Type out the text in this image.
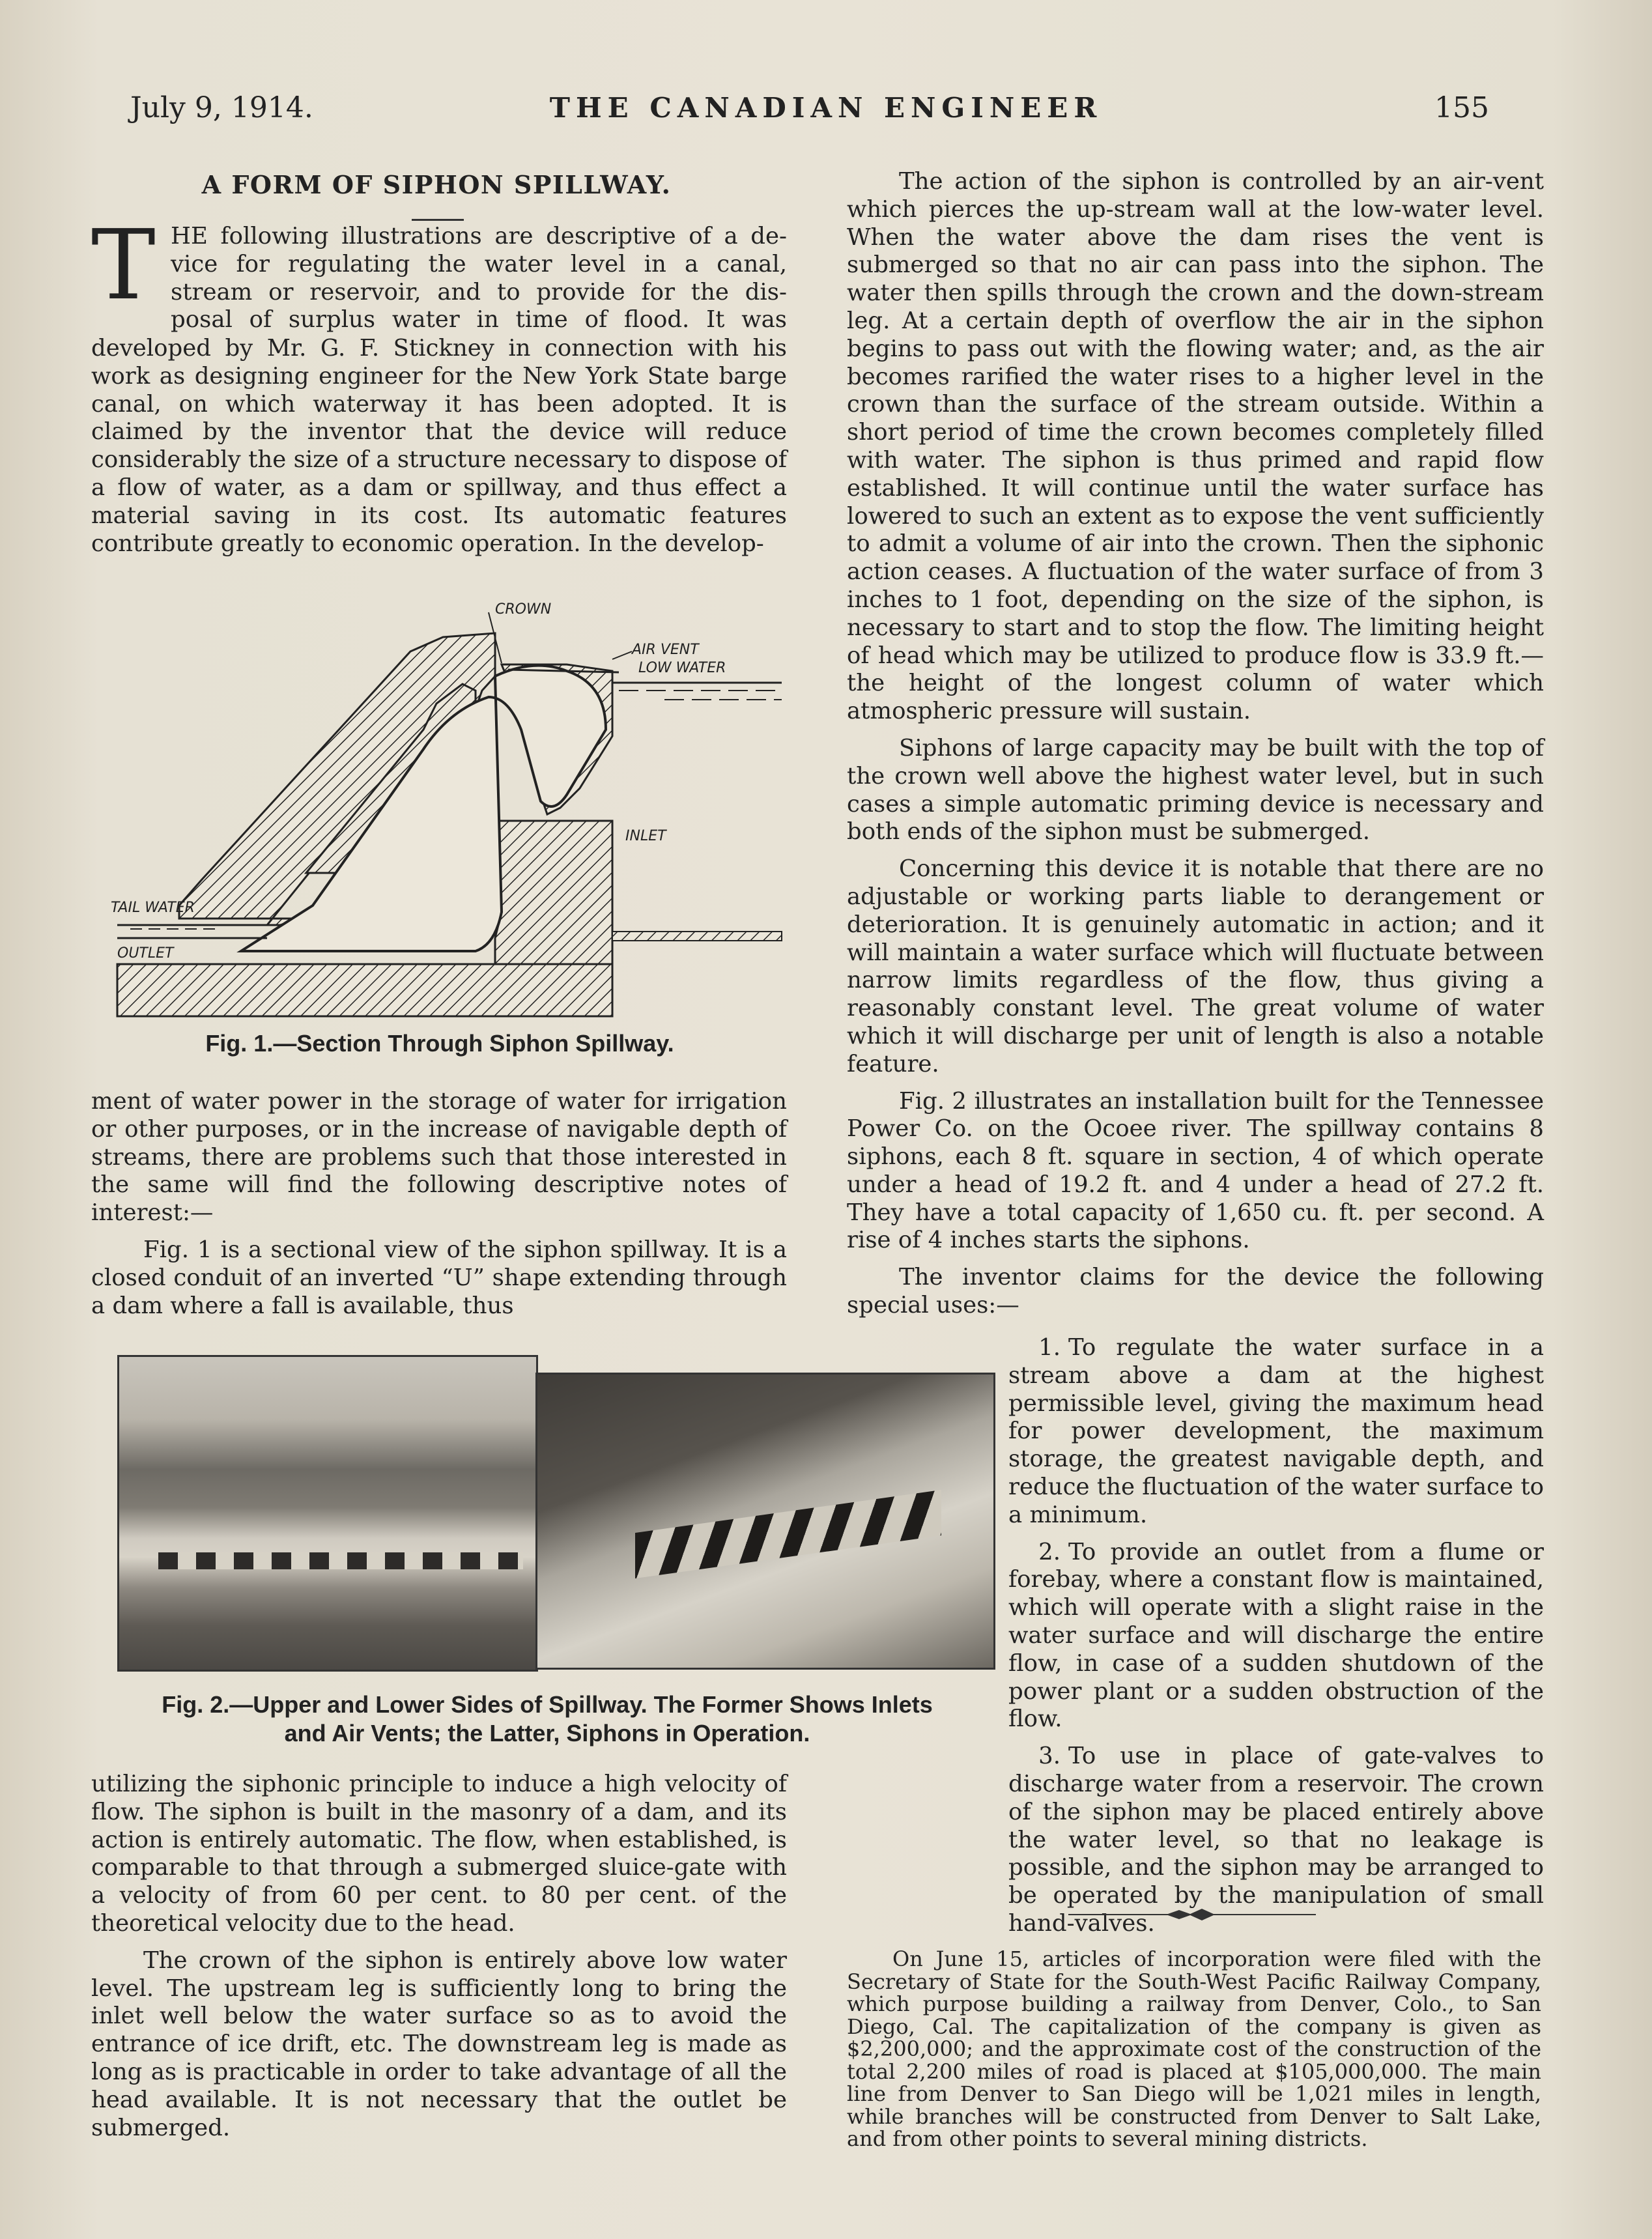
July 9, 1914.	THE CANADIAN ENGINEER	155
A FORM OF SIPHON SPILLWAY.
T HE following illustrations are descriptive of a de-
vice for regulating the water level in a canal,
stream or reservoir, and to provide for the dis-
posal of surplus water in time of flood. It was

developed by Mr. G. F. Stickney in connection with his work as designing engineer for the New York State barge canal, on which waterway it has been adopted. It is claimed by the inventor that the device will reduce considerably the size of a structure necessary to dispose of a flow of water, as a dam or spillway, and thus effect a material saving in its cost. Its automatic features contribute greatly to economic operation. In the develop-

CROWN
AIR VENT
LOW WATER
INLET
TAIL WATER
OUTLET
Fig. 1.—Section Through Siphon Spillway.

ment of water power in the storage of water for irrigation or other purposes, or in the increase of navigable depth of streams, there are problems such that those interested in the same will find the following descriptive notes of interest:—

Fig. 1 is a sectional view of the siphon spillway. It is a closed conduit of an inverted “U” shape extending through a dam where a fall is available, thus

Fig. 2.—Upper and Lower Sides of Spillway. The Former Shows Inlets
and Air Vents; the Latter, Siphons in Operation.

utilizing the siphonic principle to induce a high velocity of flow. The siphon is built in the masonry of a dam, and its action is entirely automatic. The flow, when established, is comparable to that through a submerged sluice-gate with a velocity of from 60 per cent. to 80 per cent. of the theoretical velocity due to the head.

The crown of the siphon is entirely above low water level. The upstream leg is sufficiently long to bring the inlet well below the water surface so as to avoid the entrance of ice drift, etc. The downstream leg is made as long as is practicable in order to take advantage of all the head available. It is not necessary that the outlet be submerged.

The action of the siphon is controlled by an air-vent which pierces the up-stream wall at the low-water level. When the water above the dam rises the vent is submerged so that no air can pass into the siphon. The water then spills through the crown and the down-stream leg. At a certain depth of overflow the air in the siphon begins to pass out with the flowing water; and, as the air becomes rarified the water rises to a higher level in the crown than the surface of the stream outside. Within a short period of time the crown becomes completely filled with water. The siphon is thus primed and rapid flow established. It will continue until the water surface has lowered to such an extent as to expose the vent sufficiently to admit a volume of air into the crown. Then the siphonic action ceases. A fluctuation of the water surface of from 3 inches to 1 foot, depending on the size of the siphon, is necessary to start and to stop the flow. The limiting height of head which may be utilized to produce flow is 33.9 ft.—the height of the longest column of water which atmospheric pressure will sustain.

Siphons of large capacity may be built with the top of the crown well above the highest water level, but in such cases a simple automatic priming device is necessary and both ends of the siphon must be submerged.

Concerning this device it is notable that there are no adjustable or working parts liable to derangement or deterioration. It is genuinely automatic in action; and it will maintain a water surface which will fluctuate between narrow limits regardless of the flow, thus giving a reasonably constant level. The great volume of water which it will discharge per unit of length is also a notable feature.

Fig. 2 illustrates an installation built for the Tennessee Power Co. on the Ocoee river. The spillway contains 8 siphons, each 8 ft. square in section, 4 of which operate under a head of 19.2 ft. and 4 under a head of 27.2 ft. They have a total capacity of 1,650 cu. ft. per second. A rise of 4 inches starts the siphons.

The inventor claims for the device the following special uses:—

1. To regulate the water surface in a stream above a dam at the highest permissible level, giving the maximum head for power development, the maximum storage, the greatest navigable depth, and reduce the fluctuation of the water surface to a minimum.

2. To provide an outlet from a flume or forebay, where a constant flow is maintained, which will operate with a slight raise in the water surface and will discharge the entire flow, in case of a sudden shutdown of the power plant or a sudden obstruction of the flow.

3. To use in place of gate-valves to discharge water from a reservoir. The crown of the siphon may be placed entirely above the water level, so that no leakage is possible, and the siphon may be arranged to be operated by the manipulation of small hand-valves.

On June 15, articles of incorporation were filed with the Secretary of State for the South-West Pacific Railway Company, which purpose building a railway from Denver, Colo., to San Diego, Cal. The capitalization of the company is given as $2,200,000; and the approximate cost of the construction of the total 2,200 miles of road is placed at $105,000,000. The main line from Denver to San Diego will be 1,021 miles in length, while branches will be constructed from Denver to Salt Lake, and from other points to several mining districts.
